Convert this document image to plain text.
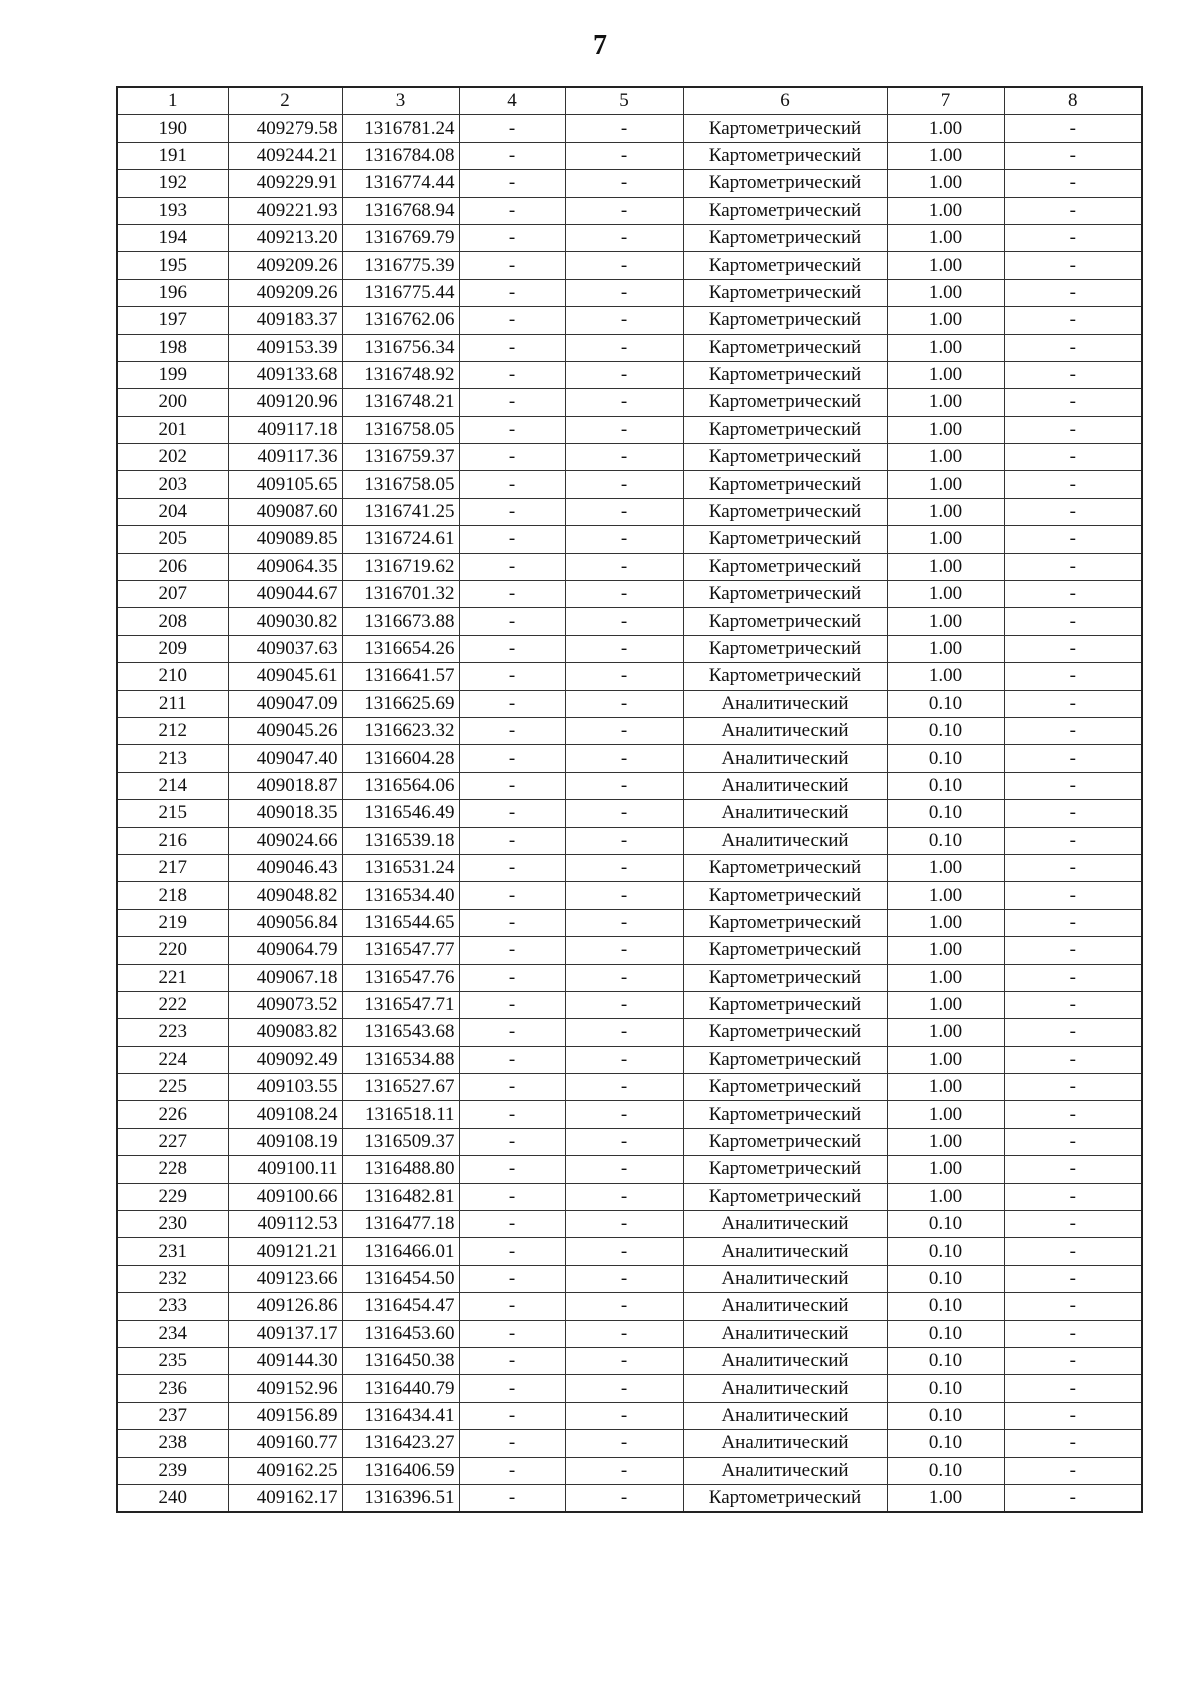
7
1	2	3	4	5	6	7	8
190	409279.58	1316781.24	-	-	Картометрический	1.00	-
191	409244.21	1316784.08	-	-	Картометрический	1.00	-
192	409229.91	1316774.44	-	-	Картометрический	1.00	-
193	409221.93	1316768.94	-	-	Картометрический	1.00	-
194	409213.20	1316769.79	-	-	Картометрический	1.00	-
195	409209.26	1316775.39	-	-	Картометрический	1.00	-
196	409209.26	1316775.44	-	-	Картометрический	1.00	-
197	409183.37	1316762.06	-	-	Картометрический	1.00	-
198	409153.39	1316756.34	-	-	Картометрический	1.00	-
199	409133.68	1316748.92	-	-	Картометрический	1.00	-
200	409120.96	1316748.21	-	-	Картометрический	1.00	-
201	409117.18	1316758.05	-	-	Картометрический	1.00	-
202	409117.36	1316759.37	-	-	Картометрический	1.00	-
203	409105.65	1316758.05	-	-	Картометрический	1.00	-
204	409087.60	1316741.25	-	-	Картометрический	1.00	-
205	409089.85	1316724.61	-	-	Картометрический	1.00	-
206	409064.35	1316719.62	-	-	Картометрический	1.00	-
207	409044.67	1316701.32	-	-	Картометрический	1.00	-
208	409030.82	1316673.88	-	-	Картометрический	1.00	-
209	409037.63	1316654.26	-	-	Картометрический	1.00	-
210	409045.61	1316641.57	-	-	Картометрический	1.00	-
211	409047.09	1316625.69	-	-	Аналитический	0.10	-
212	409045.26	1316623.32	-	-	Аналитический	0.10	-
213	409047.40	1316604.28	-	-	Аналитический	0.10	-
214	409018.87	1316564.06	-	-	Аналитический	0.10	-
215	409018.35	1316546.49	-	-	Аналитический	0.10	-
216	409024.66	1316539.18	-	-	Аналитический	0.10	-
217	409046.43	1316531.24	-	-	Картометрический	1.00	-
218	409048.82	1316534.40	-	-	Картометрический	1.00	-
219	409056.84	1316544.65	-	-	Картометрический	1.00	-
220	409064.79	1316547.77	-	-	Картометрический	1.00	-
221	409067.18	1316547.76	-	-	Картометрический	1.00	-
222	409073.52	1316547.71	-	-	Картометрический	1.00	-
223	409083.82	1316543.68	-	-	Картометрический	1.00	-
224	409092.49	1316534.88	-	-	Картометрический	1.00	-
225	409103.55	1316527.67	-	-	Картометрический	1.00	-
226	409108.24	1316518.11	-	-	Картометрический	1.00	-
227	409108.19	1316509.37	-	-	Картометрический	1.00	-
228	409100.11	1316488.80	-	-	Картометрический	1.00	-
229	409100.66	1316482.81	-	-	Картометрический	1.00	-
230	409112.53	1316477.18	-	-	Аналитический	0.10	-
231	409121.21	1316466.01	-	-	Аналитический	0.10	-
232	409123.66	1316454.50	-	-	Аналитический	0.10	-
233	409126.86	1316454.47	-	-	Аналитический	0.10	-
234	409137.17	1316453.60	-	-	Аналитический	0.10	-
235	409144.30	1316450.38	-	-	Аналитический	0.10	-
236	409152.96	1316440.79	-	-	Аналитический	0.10	-
237	409156.89	1316434.41	-	-	Аналитический	0.10	-
238	409160.77	1316423.27	-	-	Аналитический	0.10	-
239	409162.25	1316406.59	-	-	Аналитический	0.10	-
240	409162.17	1316396.51	-	-	Картометрический	1.00	-
